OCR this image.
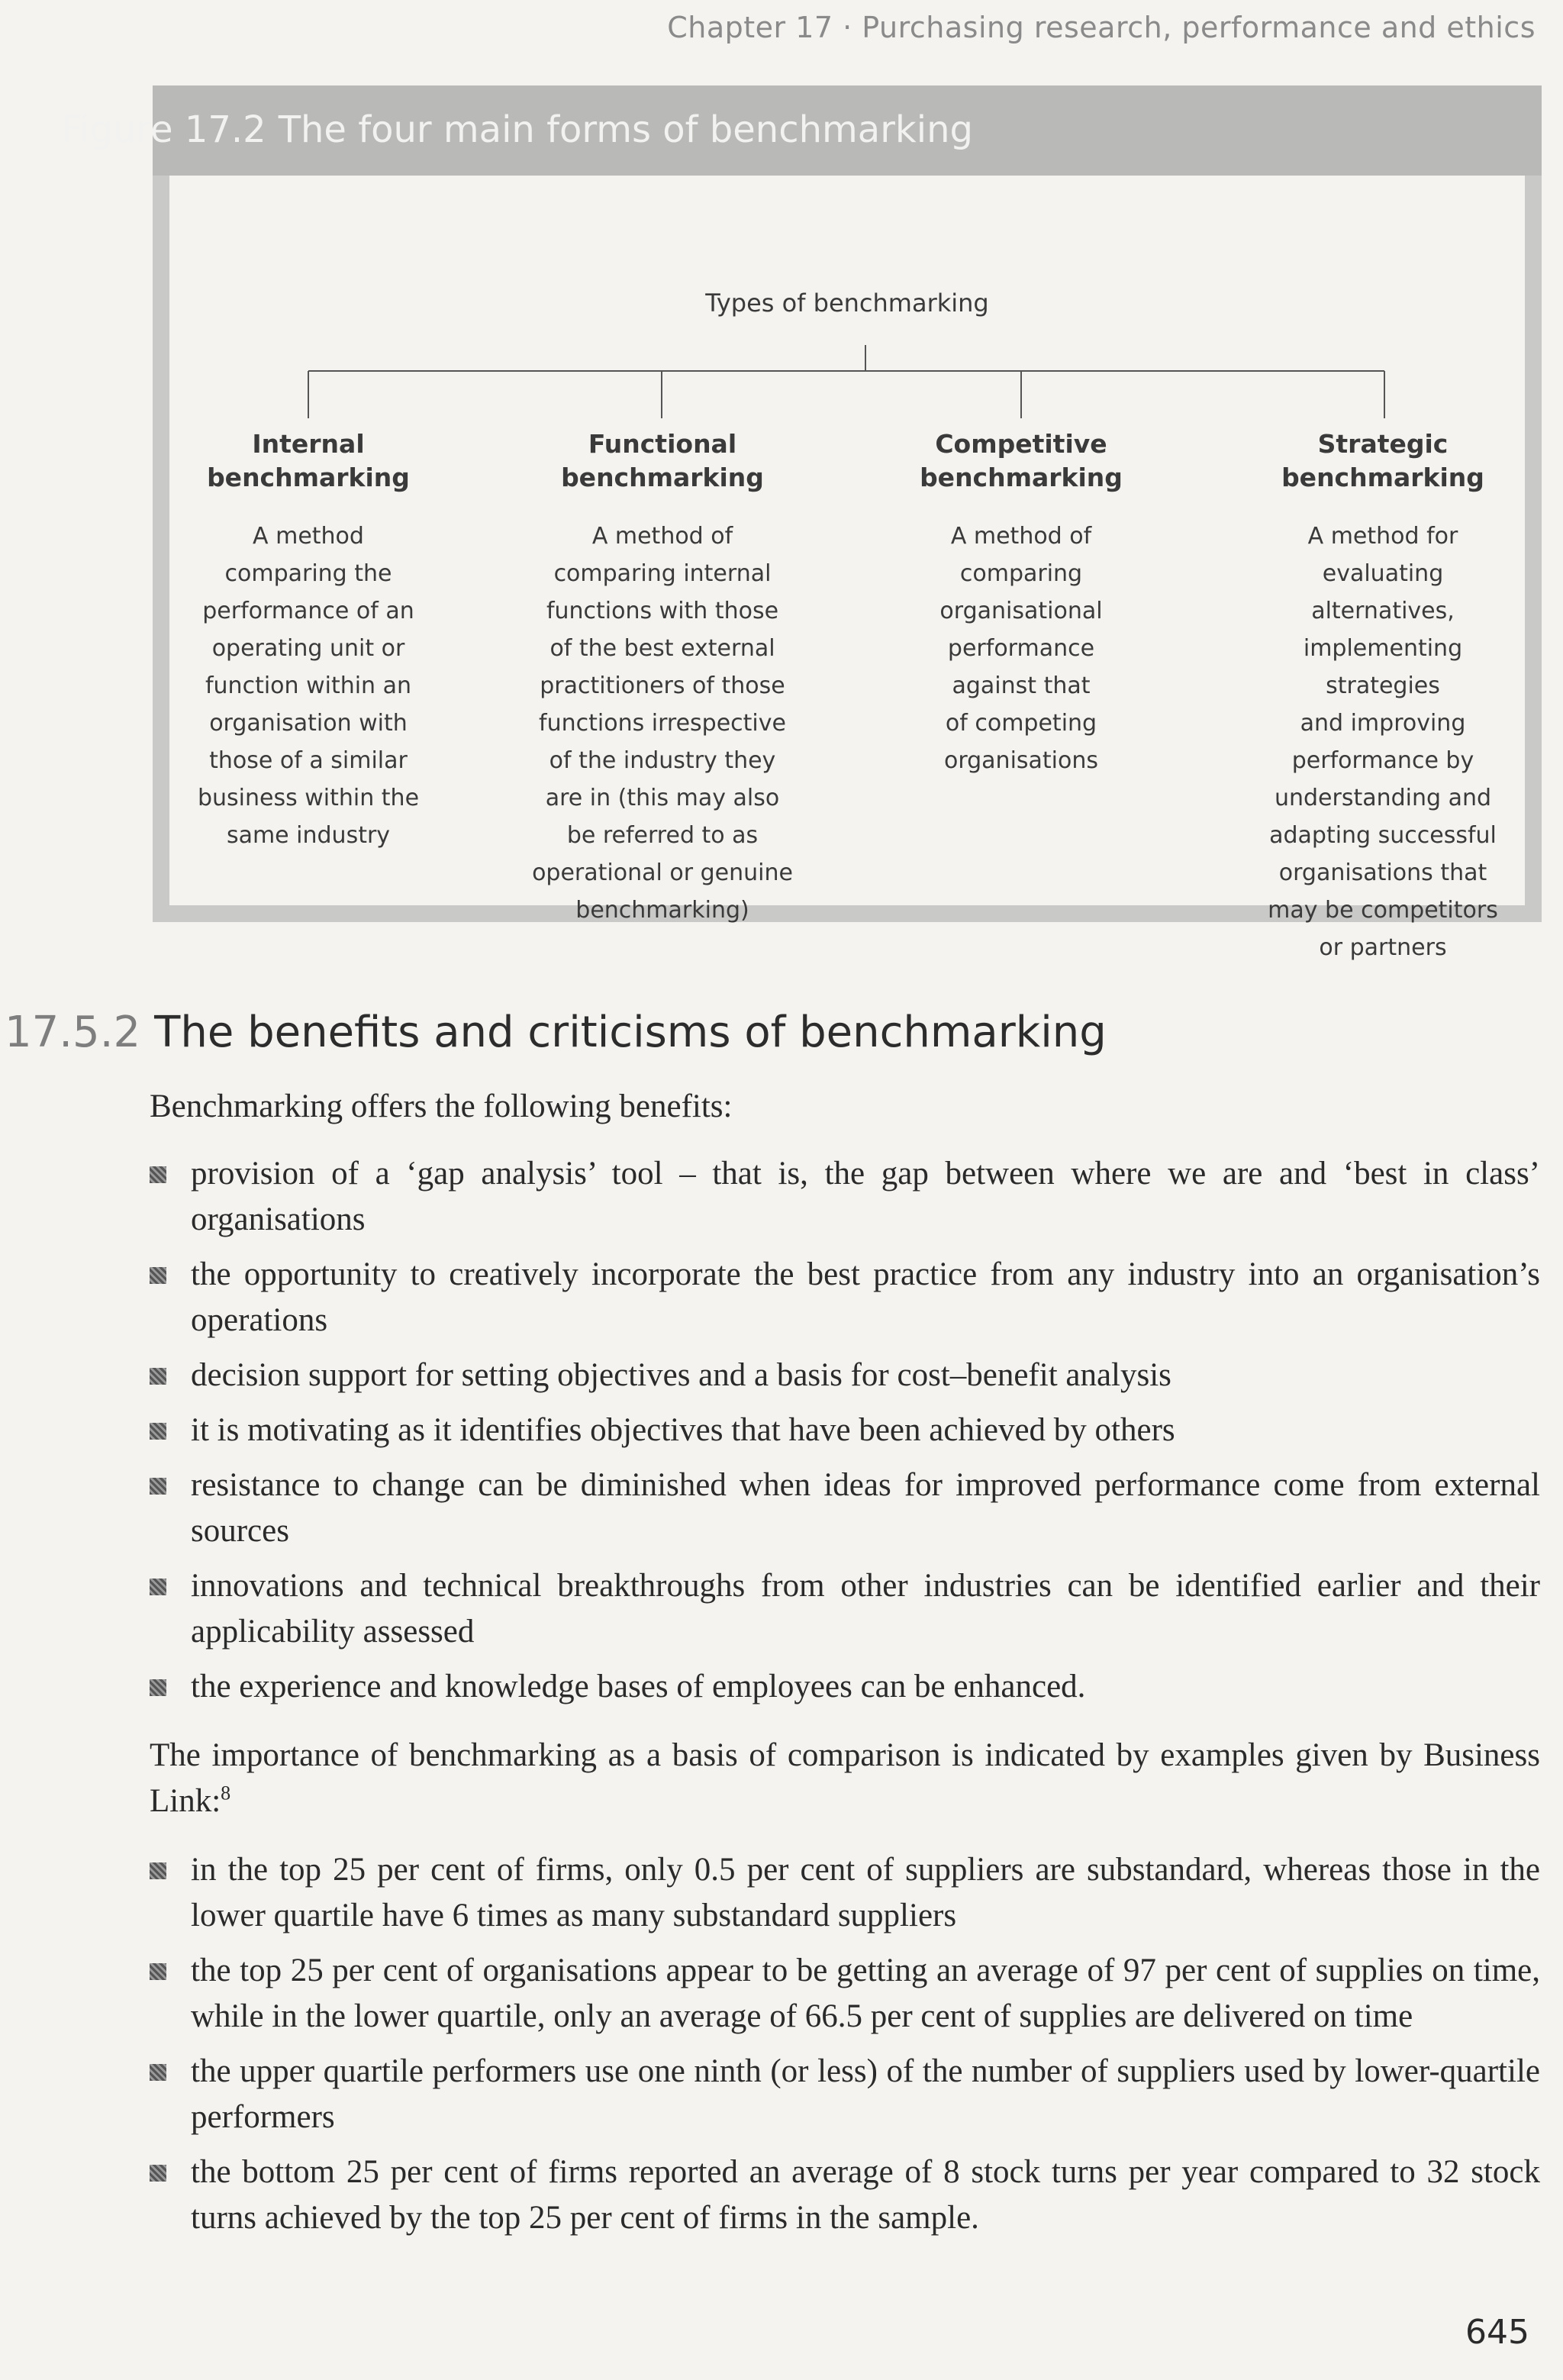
Chapter 17 · Purchasing research, performance and ethics
Figure 17.2 The four main forms of benchmarking
Types of benchmarking

Internal
benchmarking

A method
comparing the
performance of an
operating unit or
function within an
organisation with
those of a similar
business within the
same industry

Functional
benchmarking

A method of
comparing internal
functions with those
of the best external
practitioners of those
functions irrespective
of the industry they
are in (this may also
be referred to as
operational or genuine
benchmarking)

Competitive
benchmarking

A method of
comparing
organisational
performance
against that
of competing
organisations

Strategic
benchmarking

A method for
evaluating
alternatives,
implementing
strategies
and improving
performance by
understanding and
adapting successful
organisations that
may be competitors
or partners

17.5.2 The benefits and criticisms of benchmarking

Benchmarking offers the following benefits:

provision of a ‘gap analysis’ tool – that is, the gap between where we are and ‘best in class’ organisations
the opportunity to creatively incorporate the best practice from any industry into an organisation’s operations
decision support for setting objectives and a basis for cost–benefit analysis
it is motivating as it identifies objectives that have been achieved by others
resistance to change can be diminished when ideas for improved performance come from external sources
innovations and technical breakthroughs from other industries can be identified earlier and their applicability assessed
the experience and knowledge bases of employees can be enhanced.

The importance of benchmarking as a basis of comparison is indicated by examples given by Business Link:$^8$

in the top 25 per cent of firms, only 0.5 per cent of suppliers are substandard, whereas those in the lower quartile have 6 times as many substandard suppliers
the top 25 per cent of organisations appear to be getting an average of 97 per cent of supplies on time, while in the lower quartile, only an average of 66.5 per cent of supplies are delivered on time
the upper quartile performers use one ninth (or less) of the number of suppliers used by lower-quartile performers
the bottom 25 per cent of firms reported an average of 8 stock turns per year compared to 32 stock turns achieved by the top 25 per cent of firms in the sample.
645
